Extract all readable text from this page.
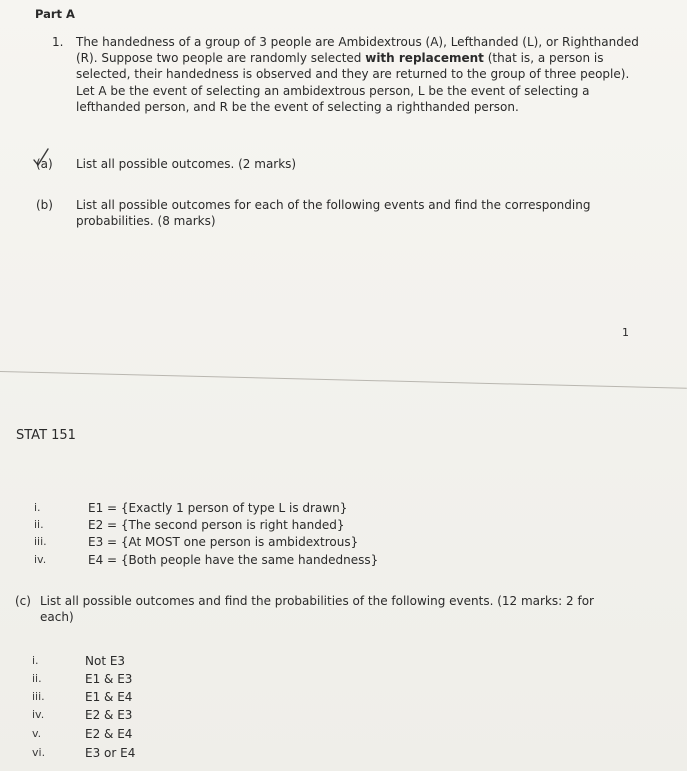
Part A
1. The handedness of a group of 3 people are Ambidextrous (A), Lefthanded (L), or Righthanded (R). Suppose two people are randomly selected with replacement (that is, a person is selected, their handedness is observed and they are returned to the group of three people). Let A be the event of selecting an ambidextrous person, L be the event of selecting a lefthanded person, and R be the event of selecting a righthanded person.
(a) List all possible outcomes. (2 marks)
(b) List all possible outcomes for each of the following events and find the corresponding probabilities. (8 marks)
1
STAT 151
i.	E1 = {Exactly 1 person of type L is drawn}
ii.	E2 = {The second person is right handed}
iii.	E3 = {At MOST one person is ambidextrous}
iv.	E4 = {Both people have the same handedness}
(c) List all possible outcomes and find the probabilities of the following events. (12 marks: 2 for each)
i.	Not E3
ii.	E1 & E3
iii.	E1 & E4
iv.	E2 & E3
v.	E2 & E4
vi.	E3 or E4
